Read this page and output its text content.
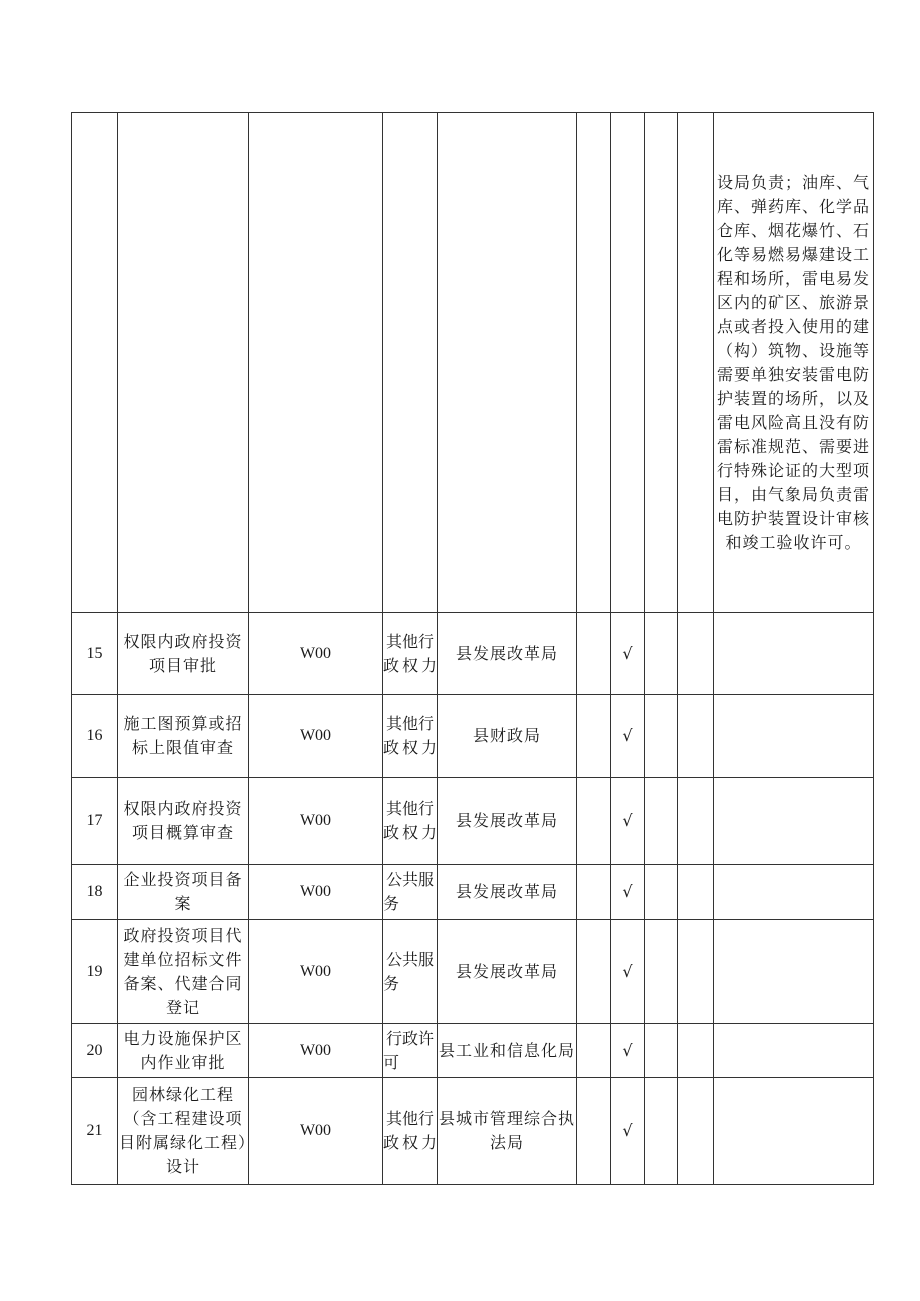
									设局负责；油库、气库、弹药库、化学品仓库、烟花爆竹、石化等易燃易爆建设工程和场所，雷电易发区内的矿区、旅游景点或者投入使用的建（构）筑物、设施等需要单独安装雷电防护装置的场所，以及雷电风险高且没有防雷标准规范、需要进行特殊论证的大型项目，由气象局负责雷电防护装置设计审核和竣工验收许可。
15	权限内政府投资项目审批	W00	其他行政权力	县发展改革局		√			
16	施工图预算或招标上限值审查	W00	其他行政权力	县财政局		√			
17	权限内政府投资项目概算审查	W00	其他行政权力	县发展改革局		√			
18	企业投资项目备案	W00	公共服务	县发展改革局		√			
19	政府投资项目代建单位招标文件备案、代建合同登记	W00	公共服务	县发展改革局		√			
20	电力设施保护区内作业审批	W00	行政许可	县工业和信息化局		√			
21	园林绿化工程（含工程建设项目附属绿化工程）设计	W00	其他行政权力	县城市管理综合执法局		√			
